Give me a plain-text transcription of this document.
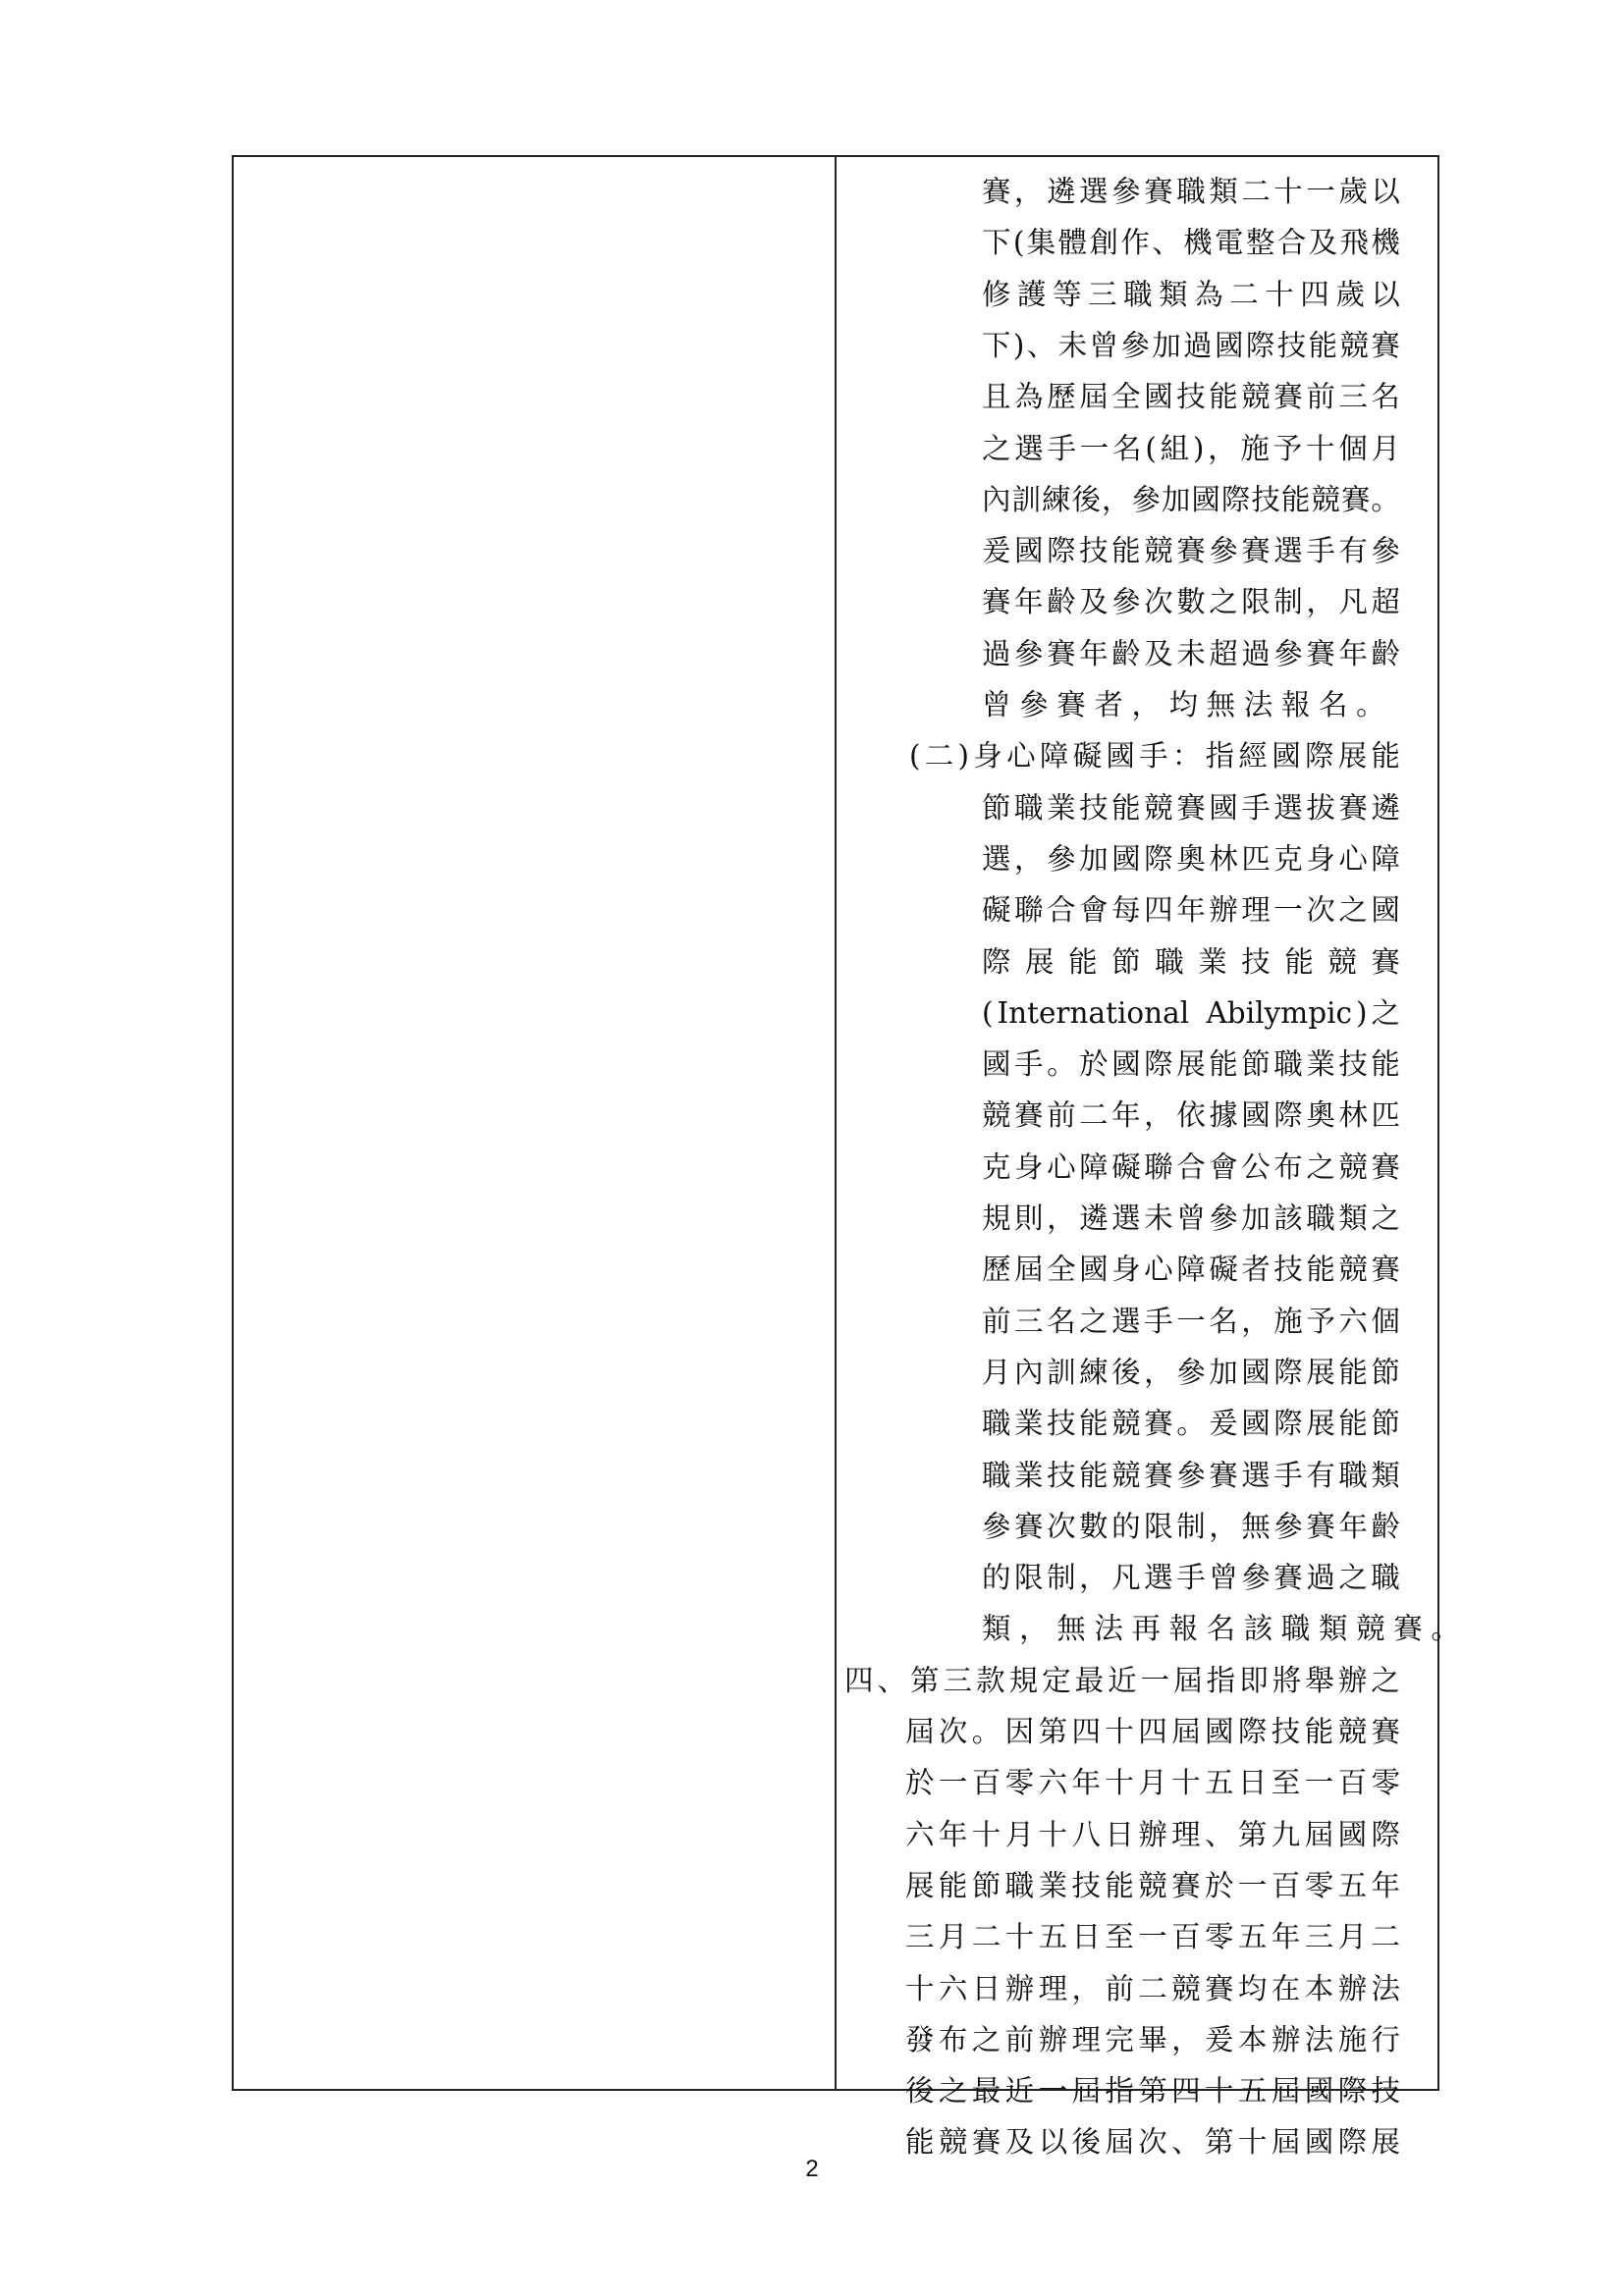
賽 ， 遴 選 參 賽 職 類 二 十 一 歲 以
下 ( 集 體 創 作 、 機 電 整 合 及 飛 機
修 護 等 三 職 類 為 二 十 四 歲 以
下 ) 、 未 曾 參 加 過 國 際 技 能 競 賽
且 為 歷 屆 全 國 技 能 競 賽 前 三 名
之 選 手 一 名 ( 組 ) ， 施 予 十 個 月
內 訓 練 後 ， 參 加 國 際 技 能 競 賽 。
爰 國 際 技 能 競 賽 參 賽 選 手 有 參
賽 年 齡 及 參 次 數 之 限 制 ， 凡 超
過 參 賽 年 齡 及 未 超 過 參 賽 年 齡
曾 參 賽 者 ， 均 無 法 報 名 。
( 二 ) 身 心 障 礙 國 手 ： 指 經 國 際 展 能
節 職 業 技 能 競 賽 國 手 選 拔 賽 遴
選 ， 參 加 國 際 奧 林 匹 克 身 心 障
礙 聯 合 會 每 四 年 辦 理 一 次 之 國
際 展 能 節 職 業 技 能 競 賽
( International
Abilympic ) 之
國 手 。 於 國 際 展 能 節 職 業 技 能
競 賽 前 二 年 ， 依 據 國 際 奧 林 匹
克 身 心 障 礙 聯 合 會 公 布 之 競 賽
規 則 ， 遴 選 未 曾 參 加 該 職 類 之
歷 屆 全 國 身 心 障 礙 者 技 能 競 賽
前 三 名 之 選 手 一 名 ， 施 予 六 個
月 內 訓 練 後 ， 參 加 國 際 展 能 節
職 業 技 能 競 賽 。 爰 國 際 展 能 節
職 業 技 能 競 賽 參 賽 選 手 有 職 類
參 賽 次 數 的 限 制 ， 無 參 賽 年 齡
的 限 制 ， 凡 選 手 曾 參 賽 過 之 職
類 ， 無 法 再 報 名 該 職 類 競 賽 。
四 、 第 三 款 規 定 最 近 一 屆 指 即 將 舉 辦 之
屆 次 。 因 第 四 十 四 屆 國 際 技 能 競 賽
於 一 百 零 六 年 十 月 十 五 日 至 一 百 零
六 年 十 月 十 八 日 辦 理 、 第 九 屆 國 際
展 能 節 職 業 技 能 競 賽 於 一 百 零 五 年
三 月 二 十 五 日 至 一 百 零 五 年 三 月 二
十 六 日 辦 理 ， 前 二 競 賽 均 在 本 辦 法
發 布 之 前 辦 理 完 畢 ， 爰 本 辦 法 施 行
後 之 最 近 一 屆 指 第 四 十 五 屆 國 際 技
能 競 賽 及 以 後 屆 次 、 第 十 屆 國 際 展
2
